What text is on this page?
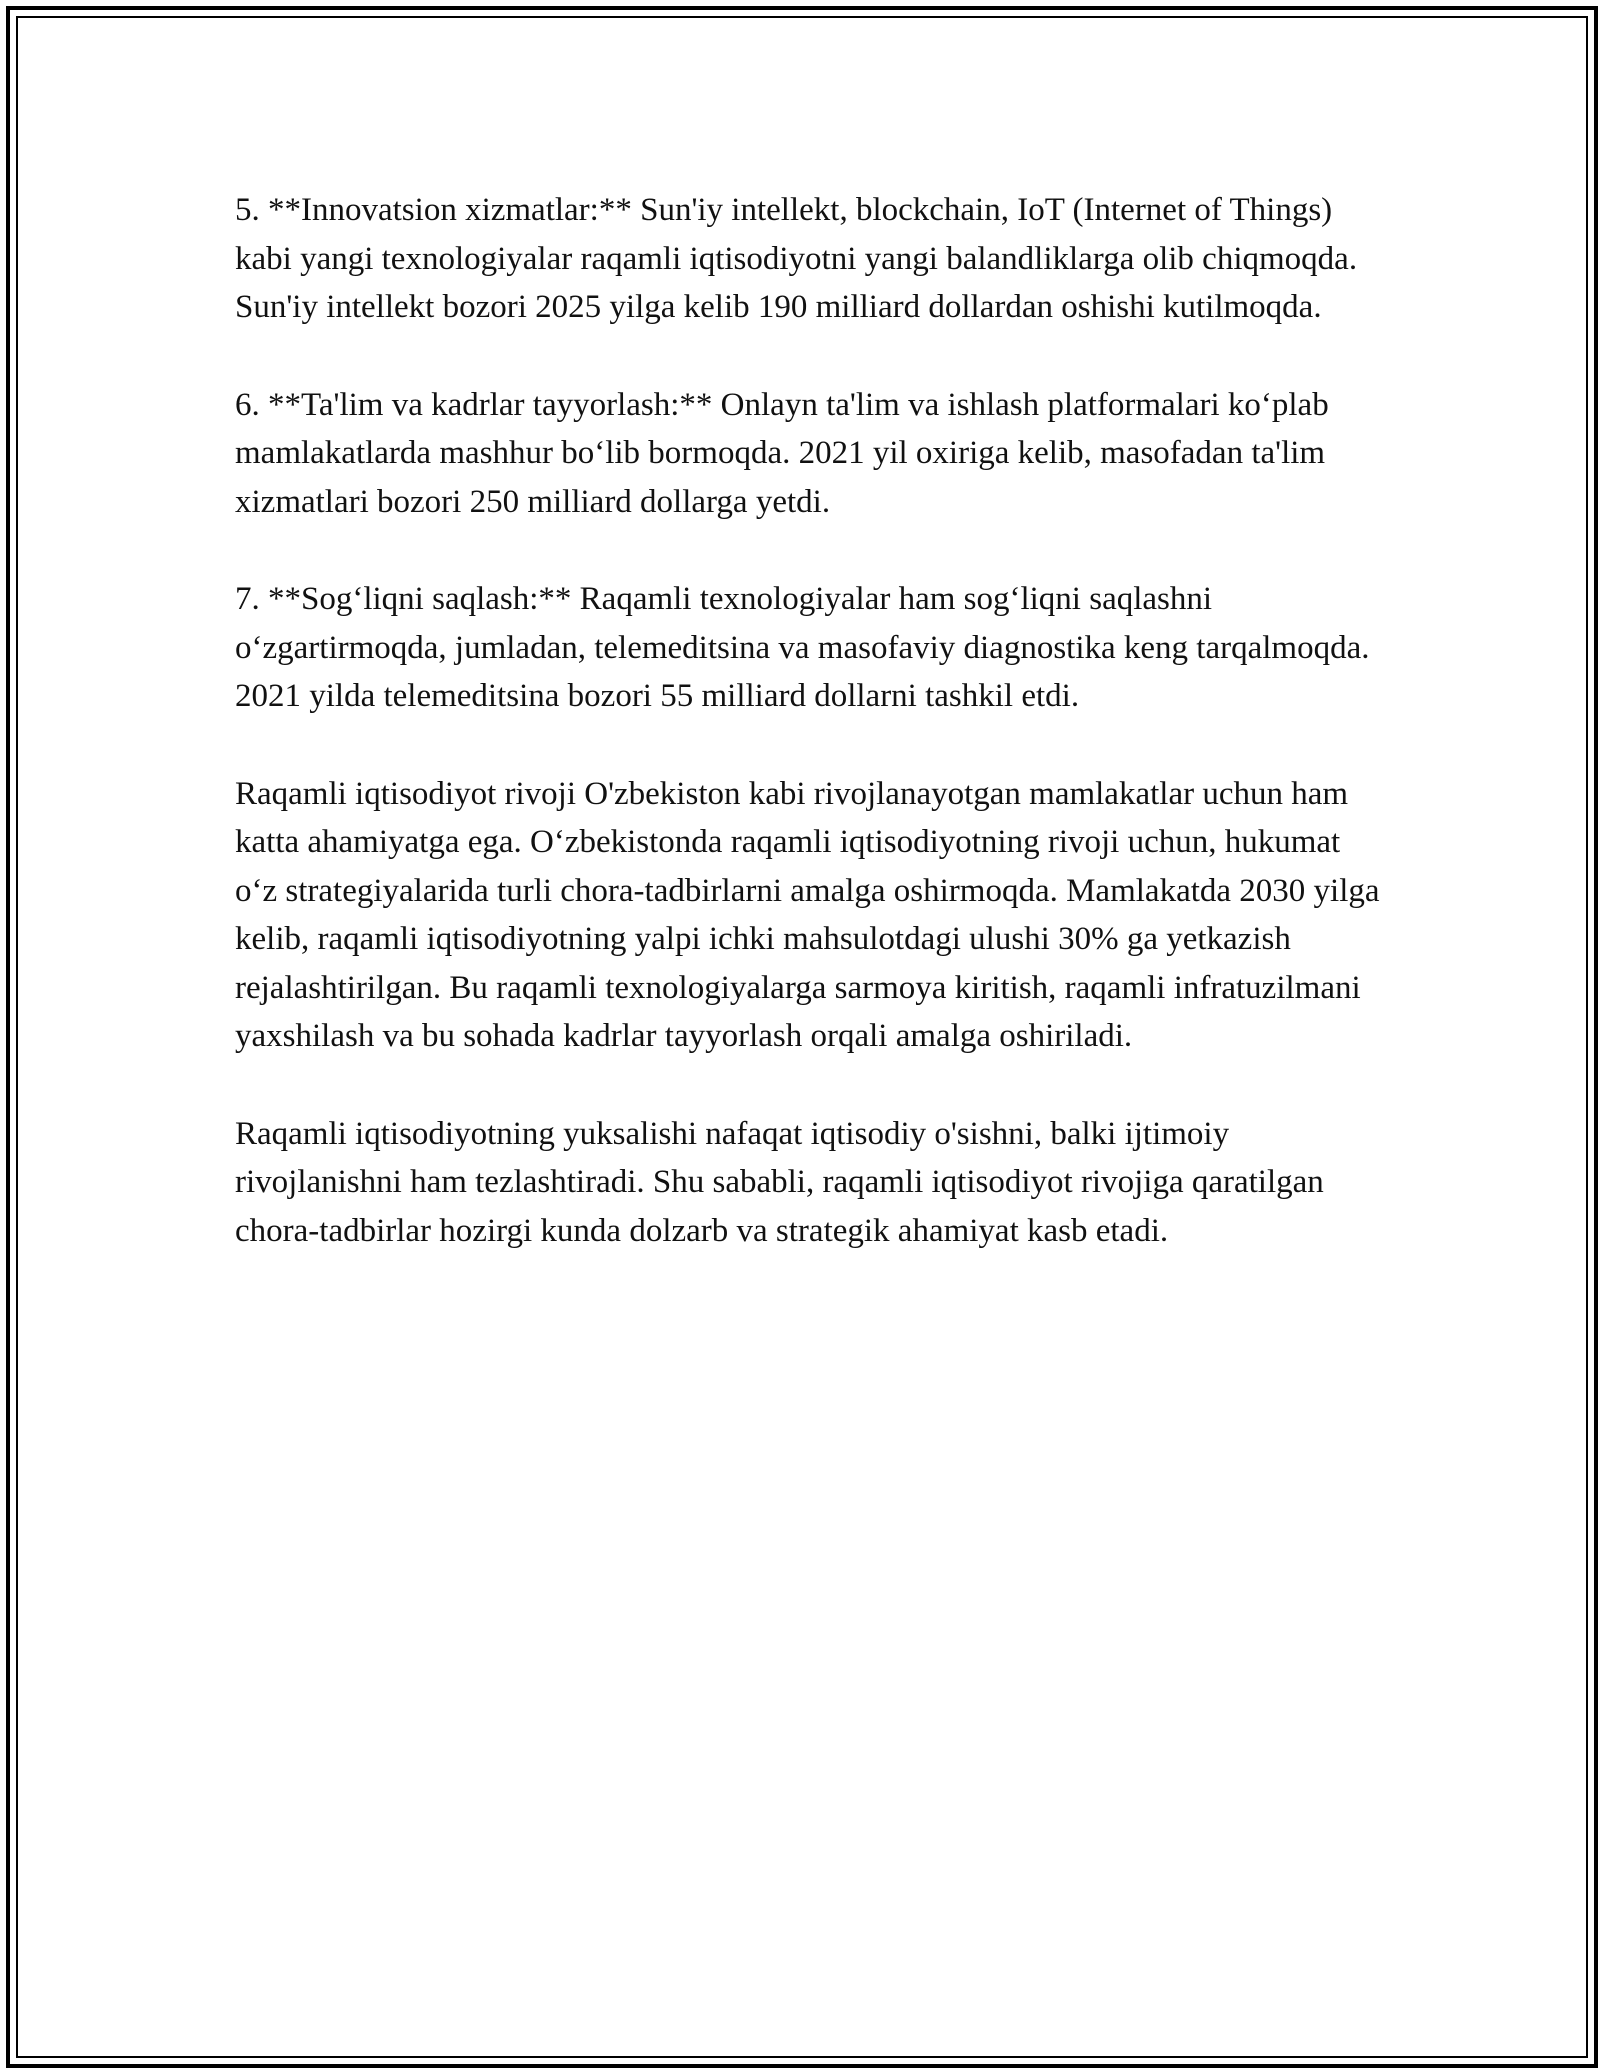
5. **Innovatsion xizmatlar:** Sun'iy intellekt, blockchain, IoT (Internet of Things) kabi yangi texnologiyalar raqamli iqtisodiyotni yangi balandliklarga olib chiqmoqda. Sun'iy intellekt bozori 2025 yilga kelib 190 milliard dollardan oshishi kutilmoqda.

6. **Ta'lim va kadrlar tayyorlash:** Onlayn ta'lim va ishlash platformalari ko‘plab mamlakatlarda mashhur bo‘lib bormoqda. 2021 yil oxiriga kelib, masofadan ta'lim xizmatlari bozori 250 milliard dollarga yetdi.

7. **Sog‘liqni saqlash:** Raqamli texnologiyalar ham sog‘liqni saqlashni o‘zgartirmoqda, jumladan, telemeditsina va masofaviy diagnostika keng tarqalmoqda. 2021 yilda telemeditsina bozori 55 milliard dollarni tashkil etdi.

Raqamli iqtisodiyot rivoji O'zbekiston kabi rivojlanayotgan mamlakatlar uchun ham katta ahamiyatga ega. O‘zbekistonda raqamli iqtisodiyotning rivoji uchun, hukumat o‘z strategiyalarida turli chora-tadbirlarni amalga oshirmoqda. Mamlakatda 2030 yilga kelib, raqamli iqtisodiyotning yalpi ichki mahsulotdagi ulushi 30% ga yetkazish rejalashtirilgan. Bu raqamli texnologiyalarga sarmoya kiritish, raqamli infratuzilmani yaxshilash va bu sohada kadrlar tayyorlash orqali amalga oshiriladi.

Raqamli iqtisodiyotning yuksalishi nafaqat iqtisodiy o'sishni, balki ijtimoiy rivojlanishni ham tezlashtiradi. Shu sababli, raqamli iqtisodiyot rivojiga qaratilgan chora-tadbirlar hozirgi kunda dolzarb va strategik ahamiyat kasb etadi.
